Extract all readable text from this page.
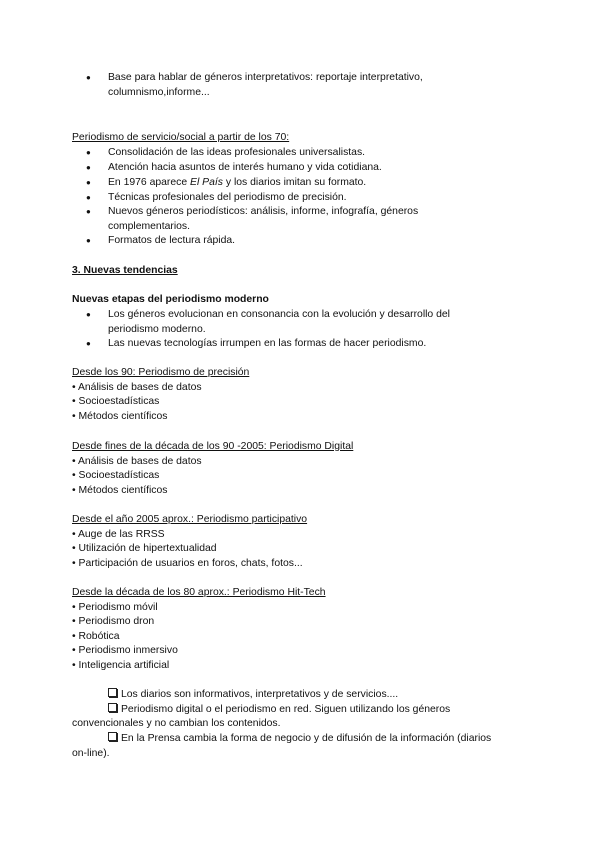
● Base para hablar de géneros interpretativos: reportaje interpretativo, columnismo,informe...
Periodismo de servicio/social a partir de los 70:
● Consolidación de las ideas profesionales universalistas.
● Atención hacia asuntos de interés humano y vida cotidiana.
● En 1976 aparece El País y los diarios imitan su formato.
● Técnicas profesionales del periodismo de precisión.
● Nuevos géneros periodísticos: análisis, informe, infografía, géneros complementarios.
● Formatos de lectura rápida.
3. Nuevas tendencias
Nuevas etapas del periodismo moderno
● Los géneros evolucionan en consonancia con la evolución y desarrollo del periodismo moderno.
● Las nuevas tecnologías irrumpen en las formas de hacer periodismo.
Desde los 90: Periodismo de precisión
• Análisis de bases de datos
• Socioestadísticas
• Métodos científicos
Desde fines de la década de los 90 -2005: Periodismo Digital
• Análisis de bases de datos
• Socioestadísticas
• Métodos científicos
Desde el año 2005 aprox.: Periodismo participativo
• Auge de las RRSS
• Utilización de hipertextualidad
• Participación de usuarios en foros, chats, fotos...
Desde la década de los 80 aprox.: Periodismo Hit-Tech
• Periodismo móvil
• Periodismo dron
• Robótica
• Periodismo inmersivo
• Inteligencia artificial
Los diarios son informativos, interpretativos y de servicios....
Periodismo digital o el periodismo en red. Siguen utilizando los géneros
convencionales y no cambian los contenidos.
En la Prensa cambia la forma de negocio y de difusión de la información (diarios
on-line).
